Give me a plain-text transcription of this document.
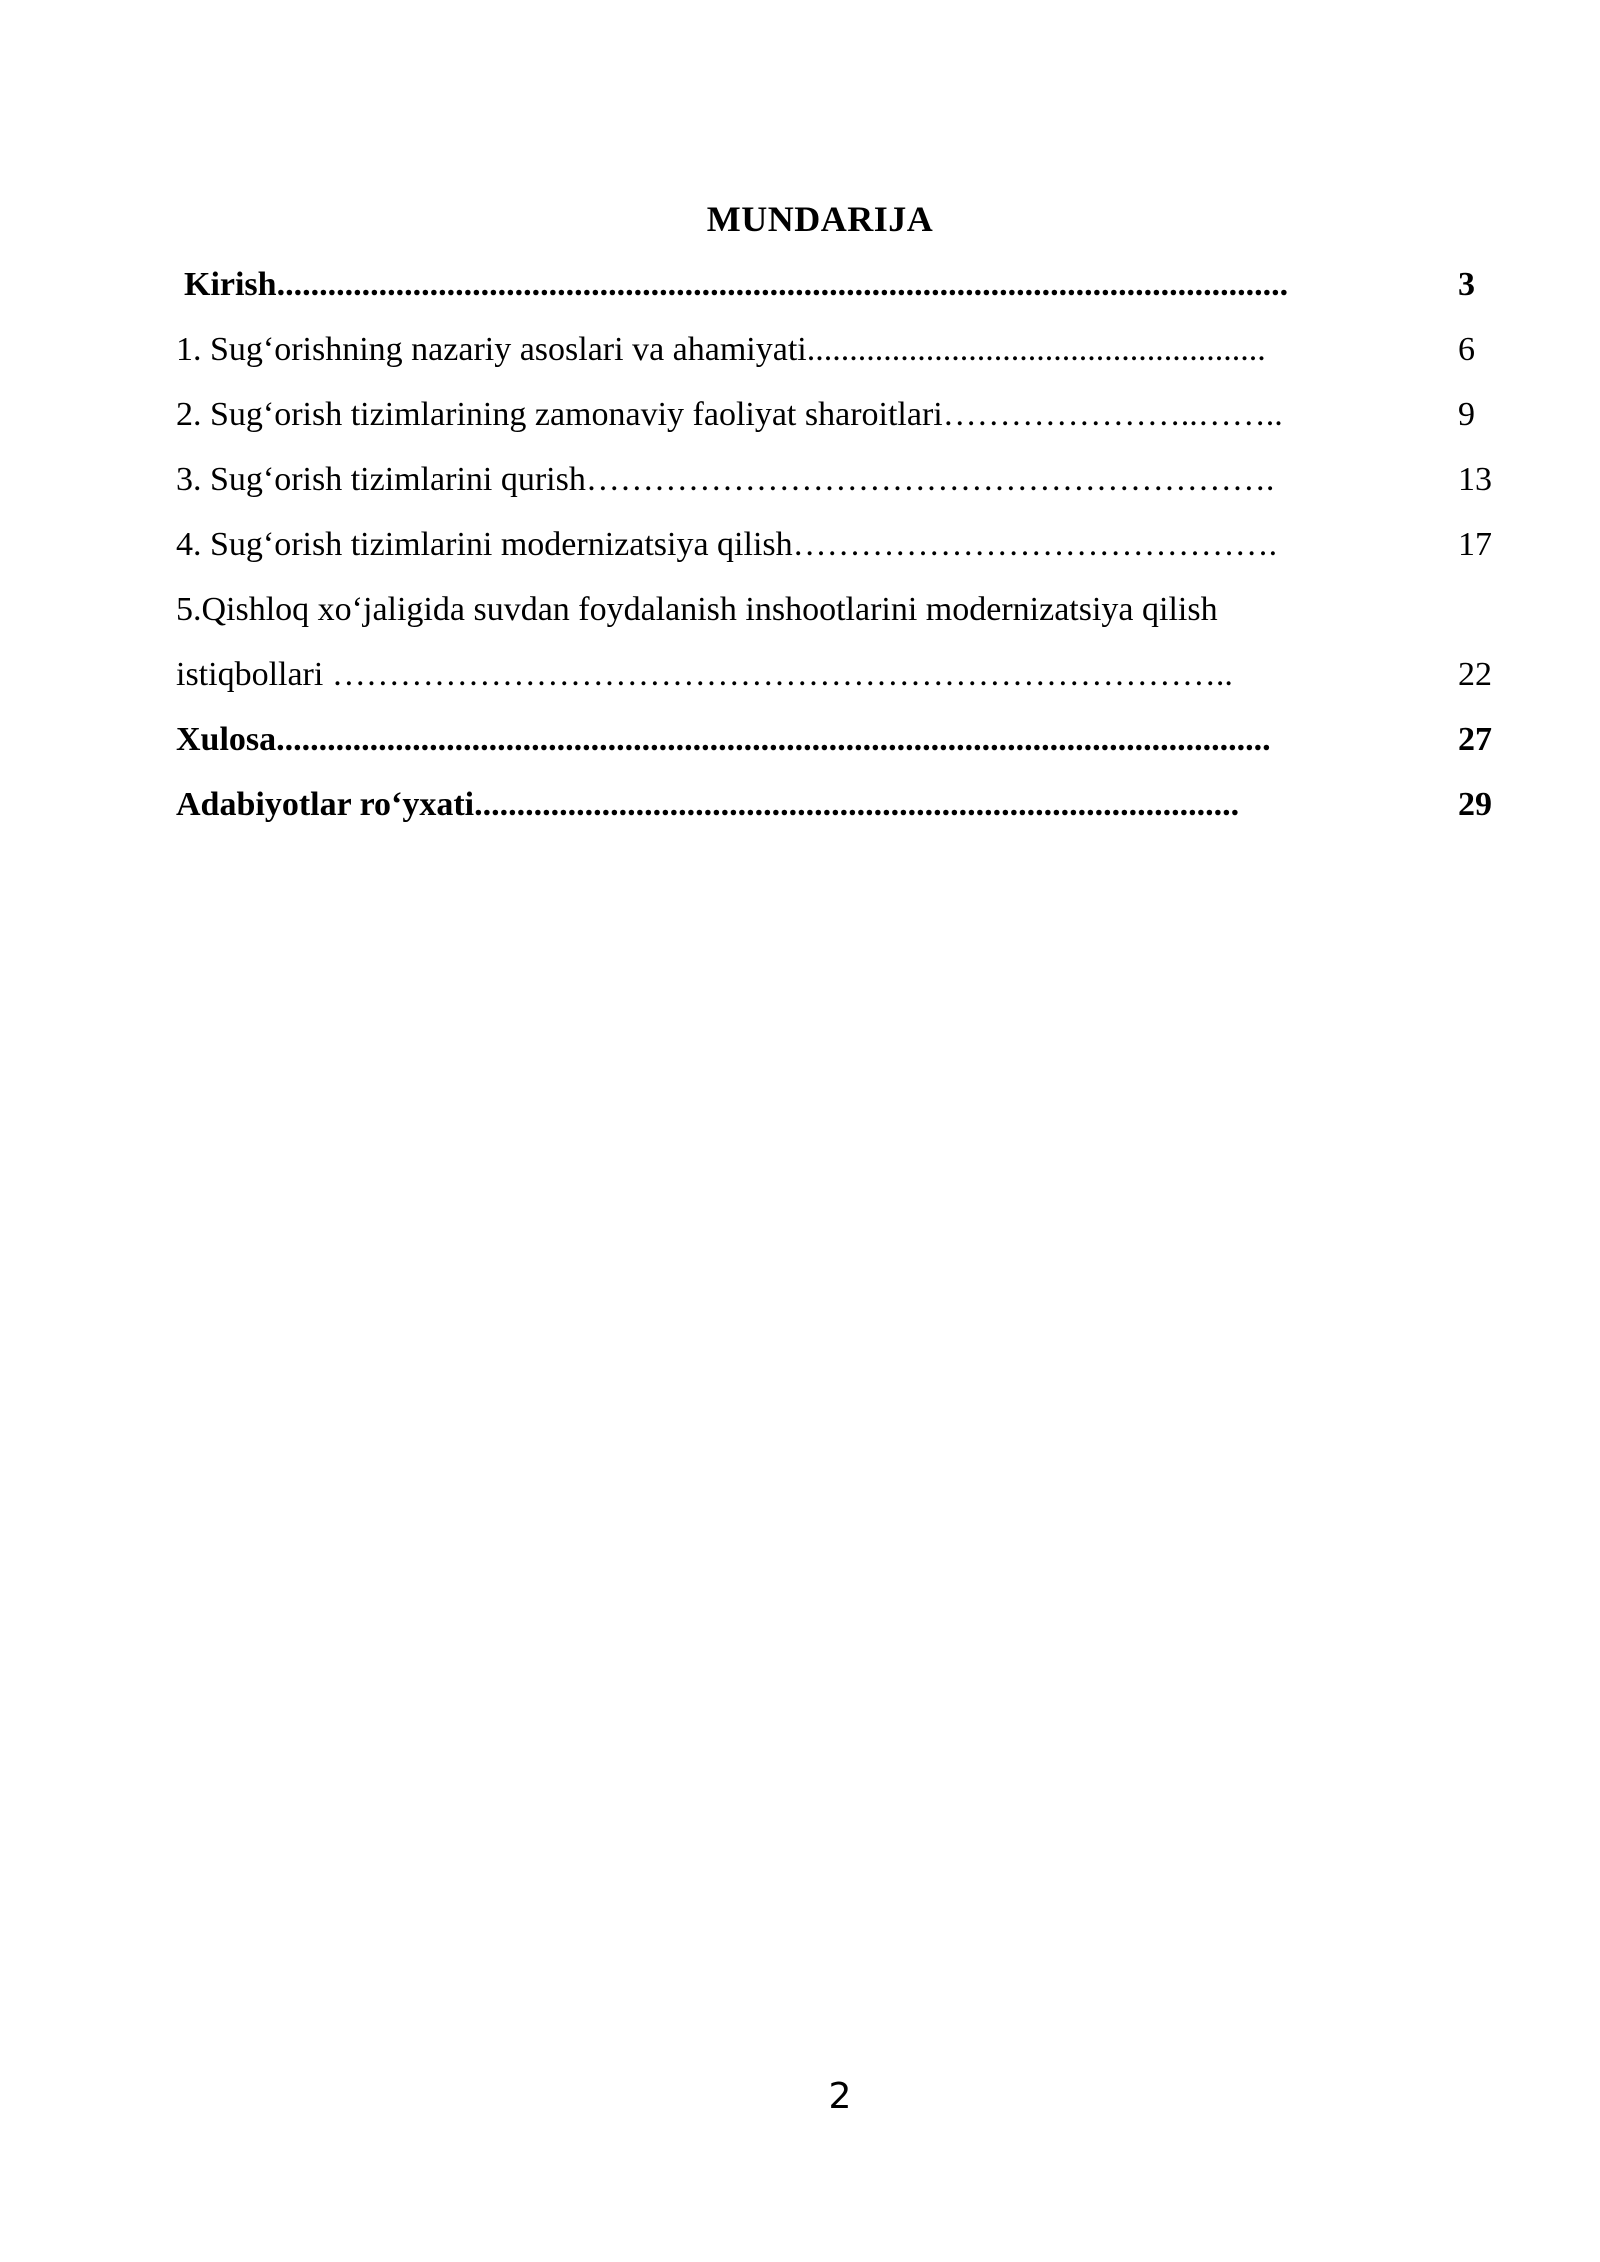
MUNDARIJA
Kirish.......................................................................................................................	3
1. Sug‘orishning nazariy asoslari va ahamiyati......................................................	6
2. Sug‘orish tizimlarining zamonaviy faoliyat sharoitlari…………………..……..	9
3. Sug‘orish tizimlarini qurish…………………………………………………….	13
4. Sug‘orish tizimlarini modernizatsiya qilish…………………………………….	17
5.Qishloq xo‘jaligida suvdan foydalanish inshootlarini modernizatsiya qilish
istiqbollari ……………………………………………………………………..	22
Xulosa.....................................................................................................................	27
Adabiyotlar ro‘yxati..........................................................................................	29
2
